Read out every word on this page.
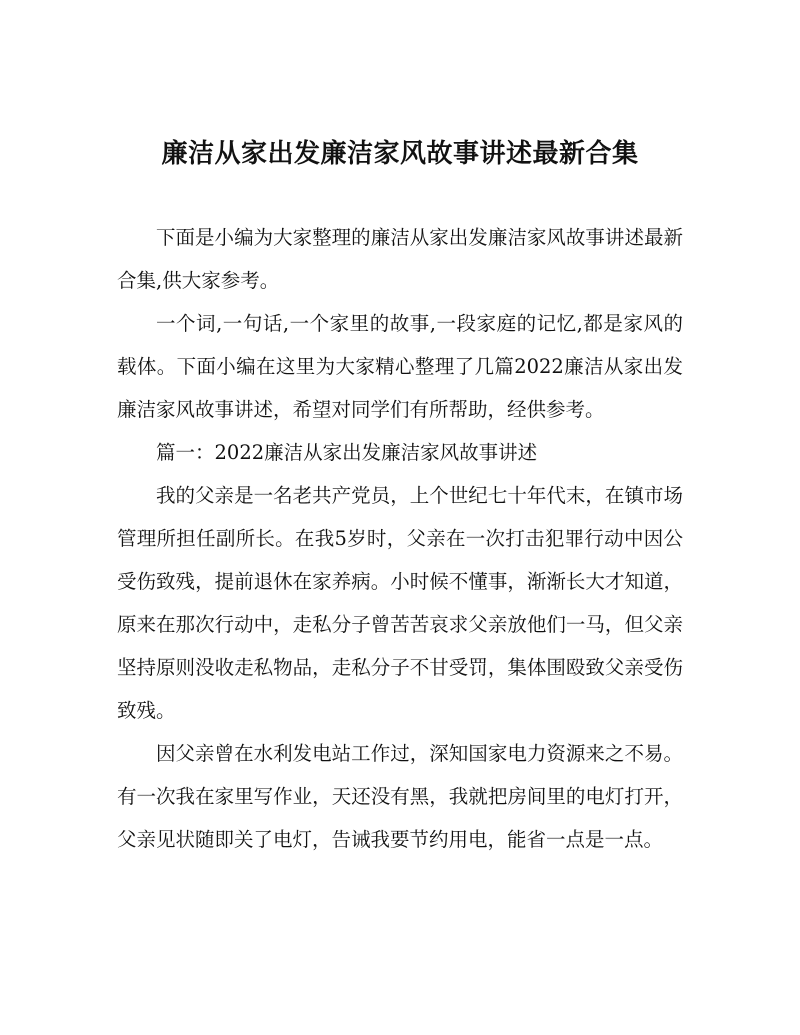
廉洁从家出发廉洁家风故事讲述最新合集

下面是小编为大家整理的廉洁从家出发廉洁家风故事讲述最新合集,供大家参考。

一个词,一句话,一个家里的故事,一段家庭的记忆,都是家风的载体。下面小编在这里为大家精心整理了几篇2022廉洁从家出发廉洁家风故事讲述，希望对同学们有所帮助，经供参考。

篇一：2022廉洁从家出发廉洁家风故事讲述

我的父亲是一名老共产党员，上个世纪七十年代末，在镇市场管理所担任副所长。在我5岁时，父亲在一次打击犯罪行动中因公受伤致残，提前退休在家养病。小时候不懂事，渐渐长大才知道，原来在那次行动中，走私分子曾苦苦哀求父亲放他们一马，但父亲坚持原则没收走私物品，走私分子不甘受罚，集体围殴致父亲受伤致残。

因父亲曾在水利发电站工作过，深知国家电力资源来之不易。有一次我在家里写作业，天还没有黑，我就把房间里的电灯打开，父亲见状随即关了电灯，告诫我要节约用电，能省一点是一点。
